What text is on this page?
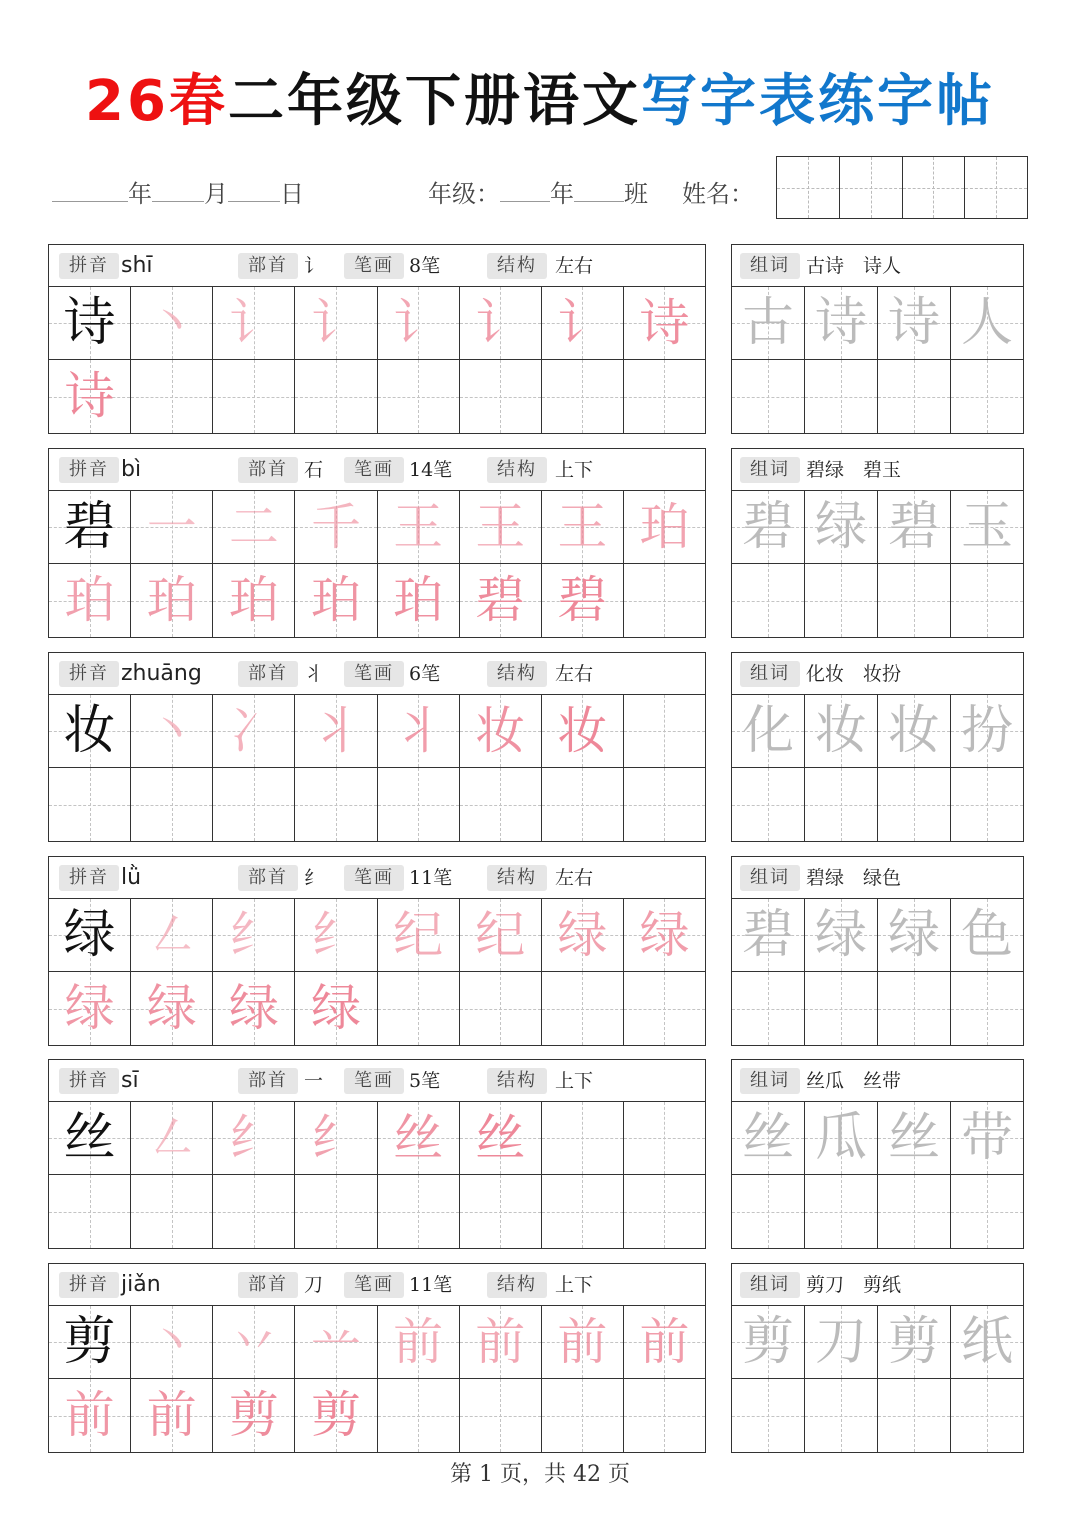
26春二年级下册语文写字表练字帖
年 月 日	年级： 年 班 姓名：
拼音 shī	部首 讠	笔画 8笔	结构 左右
诗 丶 讠 讠 讠 讠 讠 诗
诗
组词 古诗　诗人
古 诗 诗 人
拼音 bì	部首 石	笔画 14笔	结构 上下
碧 一 二 千 王 王 王 珀
珀 珀 珀 珀 珀 碧 碧
组词 碧绿　碧玉
碧 绿 碧 玉
拼音 zhuāng	部首 丬	笔画 6笔	结构 左右
妆 丶 冫 丬 丬 妆 妆
组词 化妆　妆扮
化 妆 妆 扮
拼音 lǜ	部首 纟	笔画 11笔	结构 左右
绿 ㇜ 纟 纟 纪 纪 绿 绿
绿 绿 绿 绿
组词 碧绿　绿色
碧 绿 绿 色
拼音 sī	部首 一	笔画 5笔	结构 上下
丝 ㇜ 纟 纟 丝 丝
组词 丝瓜　丝带
丝 瓜 丝 带
拼音 jiǎn	部首 刀	笔画 11笔	结构 上下
剪 丶 丷 䒑 前 前 前 前
前 前 剪 剪
组词 剪刀　剪纸
剪 刀 剪 纸
第 1 页，共 42 页
